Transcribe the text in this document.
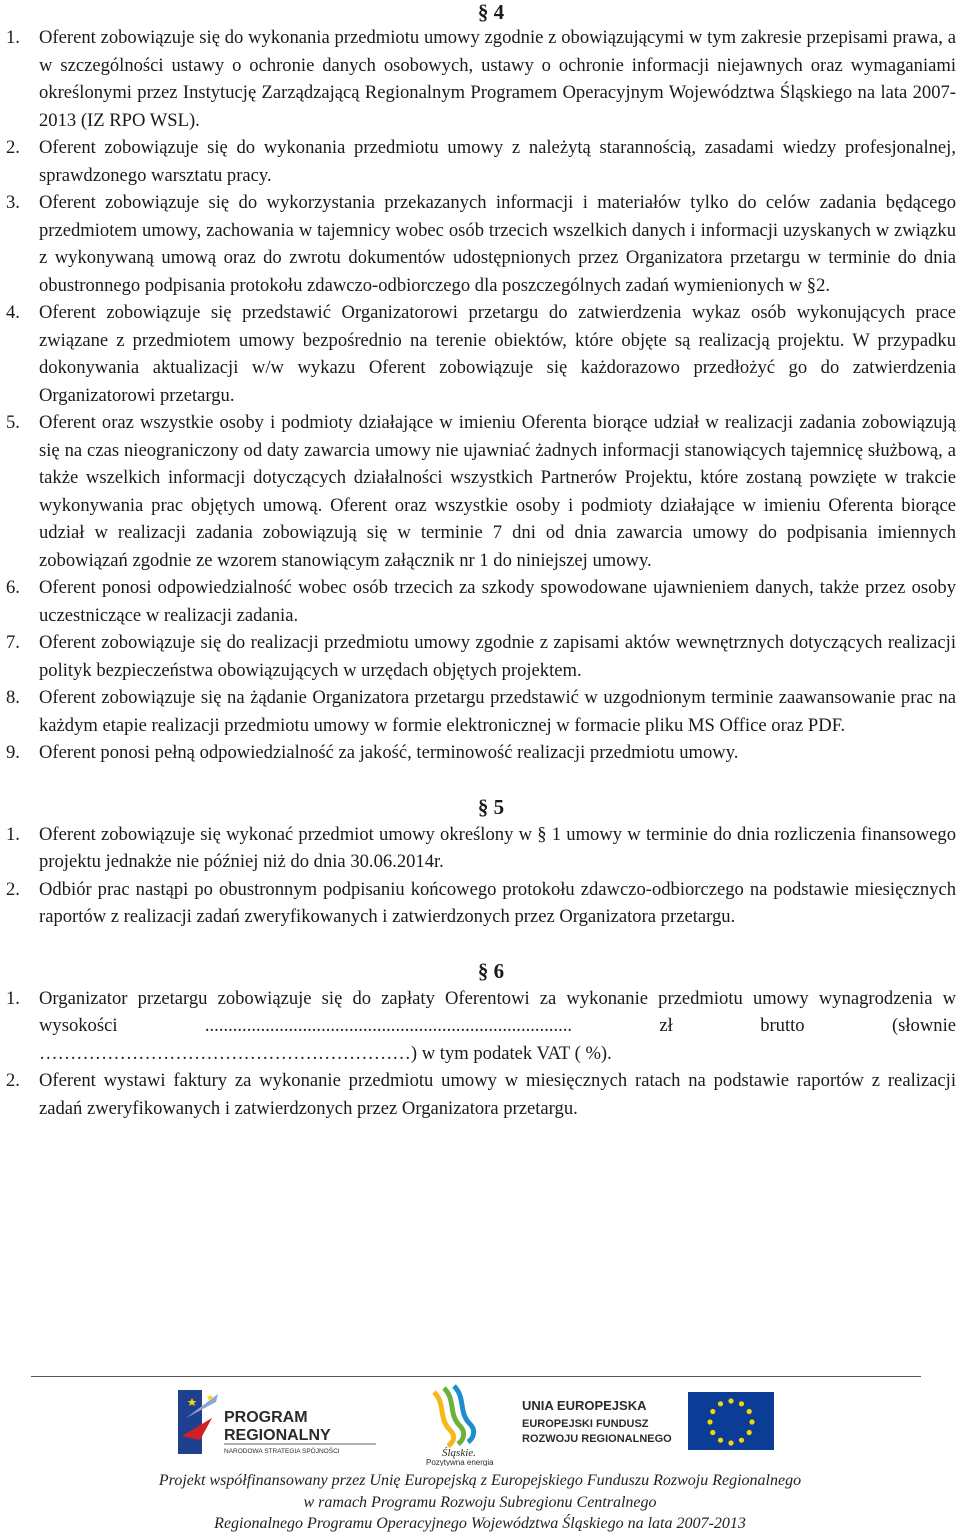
§ 4
1. Oferent zobowiązuje się do wykonania przedmiotu umowy zgodnie z obowiązującymi w tym zakresie przepisami prawa, a w szczególności ustawy o ochronie danych osobowych, ustawy o ochronie informacji niejawnych oraz wymaganiami określonymi przez Instytucję Zarządzającą Regionalnym Programem Operacyjnym Województwa Śląskiego na lata 2007-2013 (IZ RPO WSL).
2. Oferent zobowiązuje się do wykonania przedmiotu umowy z należytą starannością, zasadami wiedzy profesjonalnej, sprawdzonego warsztatu pracy.
3. Oferent zobowiązuje się do wykorzystania przekazanych informacji i materiałów tylko do celów zadania będącego przedmiotem umowy, zachowania w tajemnicy wobec osób trzecich wszelkich danych i informacji uzyskanych w związku z wykonywaną umową oraz do zwrotu dokumentów udostępnionych przez Organizatora przetargu w terminie do dnia obustronnego podpisania protokołu zdawczo-odbiorczego dla poszczególnych zadań wymienionych w §2.
4. Oferent zobowiązuje się przedstawić Organizatorowi przetargu do zatwierdzenia wykaz osób wykonujących prace związane z przedmiotem umowy bezpośrednio na terenie obiektów, które objęte są realizacją projektu. W przypadku dokonywania aktualizacji w/w wykazu Oferent zobowiązuje się każdorazowo przedłożyć go do zatwierdzenia Organizatorowi przetargu.
5. Oferent oraz wszystkie osoby i podmioty działające w imieniu Oferenta biorące udział w realizacji zadania zobowiązują się na czas nieograniczony od daty zawarcia umowy nie ujawniać żadnych informacji stanowiących tajemnicę służbową, a także wszelkich informacji dotyczących działalności wszystkich Partnerów Projektu, które zostaną powzięte w trakcie wykonywania prac objętych umową. Oferent oraz wszystkie osoby i podmioty działające w imieniu Oferenta biorące udział w realizacji zadania zobowiązują się w terminie 7 dni od dnia zawarcia umowy do podpisania imiennych zobowiązań zgodnie ze wzorem stanowiącym załącznik nr 1 do niniejszej umowy.
6. Oferent ponosi odpowiedzialność wobec osób trzecich za szkody spowodowane ujawnieniem danych, także przez osoby uczestniczące w realizacji zadania.
7. Oferent zobowiązuje się do realizacji przedmiotu umowy zgodnie z zapisami aktów wewnętrznych dotyczących realizacji polityk bezpieczeństwa obowiązujących w urzędach objętych projektem.
8. Oferent zobowiązuje się na żądanie Organizatora przetargu przedstawić w uzgodnionym terminie zaawansowanie prac na każdym etapie realizacji przedmiotu umowy w formie elektronicznej w formacie pliku MS Office oraz PDF.
9. Oferent ponosi pełną odpowiedzialność za jakość, terminowość realizacji przedmiotu umowy.
§ 5
1. Oferent zobowiązuje się wykonać przedmiot umowy określony w § 1 umowy w terminie do dnia rozliczenia finansowego projektu jednakże nie później niż do dnia 30.06.2014r.
2. Odbiór prac nastąpi po obustronnym podpisaniu końcowego protokołu zdawczo-odbiorczego na podstawie miesięcznych raportów z realizacji zadań zweryfikowanych i zatwierdzonych przez Organizatora przetargu.
§ 6
1. Organizator przetargu zobowiązuje się do zapłaty Oferentowi za wykonanie przedmiotu umowy wynagrodzenia w wysokości ............................................................................... zł brutto (słownie ……………………………………………………) w tym podatek VAT ( %).
2. Oferent wystawi faktury za wykonanie przedmiotu umowy w miesięcznych ratach na podstawie raportów z realizacji zadań zweryfikowanych i zatwierdzonych przez Organizatora przetargu.
PROGRAM
REGIONALNY
NARODOWA STRATEGIA SPÓJNOŚCI	Śląskie.
Pozytywna energia
UNIA EUROPEJSKA
EUROPEJSKI FUNDUSZ
ROZWOJU REGIONALNEGO
Projekt współfinansowany przez Unię Europejską z Europejskiego Funduszu Rozwoju Regionalnego
w ramach Programu Rozwoju Subregionu Centralnego
Regionalnego Programu Operacyjnego Województwa Śląskiego na lata 2007-2013
